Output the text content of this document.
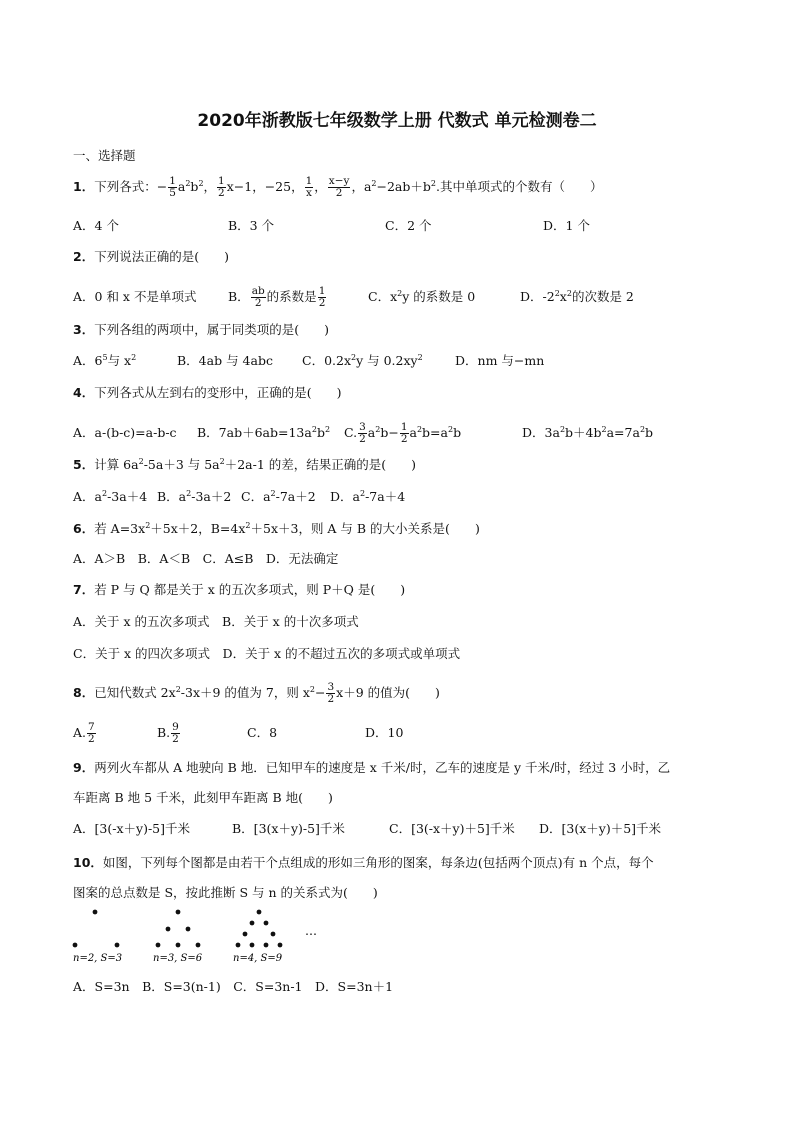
2020年浙教版七年级数学上册 代数式 单元检测卷二
一、选择题
1．下列各式：− $\frac{1}{5} a^2b^2$， $\frac{1}{2} x-1$，−25， $\frac{1}{x}$ ， $\frac{x-y}{2}$ ，$a^2-2ab+b^2$.其中单项式的个数有（　　）
A．4 个	B．3 个	C．2 个	D．1 个
2．下列说法正确的是(　　)
A．0 和 x 不是单项式	B． $\frac{ab}{2}$ 的系数是 $\frac{1}{2}$	C．$x^2y$ 的系数是 0	D．$-2^2x^2$的次数是 2
3．下列各组的两项中，属于同类项的是(　　)
A．$6^5$与 $x^2$	B．4ab 与 4abc C．$0.2x^2y$ 与 $0.2xy^2$	D．nm 与−mn
4．下列各式从左到右的变形中，正确的是(　　)
A．a-(b-c)=a-b-c B．$7ab+6ab=13a^2b^2$ C. $\frac{3}{2} a^2b- \frac{1}{2} a^2b=a^2b$	D．$3a^2b+4b^2a=7a^2b$
5．计算 $6a^2-5a+3$ 与 $5a^2+2a-1$ 的差，结果正确的是(　　)
A．$a^2-3a+4$ B．$a^2-3a+2$ C．$a^2-7a+2$ D．$a^2-7a+4$
6．若 $A=3x^2+5x+2$，$B=4x^2+5x+3$，则 A 与 B 的大小关系是(　　)
A．A＞B　B．A＜B　C．A≤B　D．无法确定
7．若 P 与 Q 都是关于 x 的五次多项式，则 P＋Q 是(　　)
A．关于 x 的五次多项式　B．关于 x 的十次多项式
C．关于 x 的四次多项式　D．关于 x 的不超过五次的多项式或单项式
8．已知代数式 $2x^2-3x+9$ 的值为 7，则 $x^2- \frac{3}{2} x+9$ 的值为(　　)
A. $\frac{7}{2}$	B. $\frac{9}{2}$	C．8	D．10
9．两列火车都从 A 地驶向 B 地．已知甲车的速度是 x 千米/时，乙车的速度是 y 千米/时，经过 3 小时，乙
车距离 B 地 5 千米，此刻甲车距离 B 地(　　)
A．[3(-x＋y)-5]千米	B．[3(x＋y)-5]千米	C．[3(-x＋y)＋5]千米 D．[3(x＋y)＋5]千米
10．如图，下列每个图都是由若干个点组成的形如三角形的图案，每条边(包括两个顶点)有 n 个点，每个
图案的总点数是 S，按此推断 S 与 n 的关系式为(　　)
…
n=2, S=3	n=3, S=6	n=4, S=9
A．S=3n　B．S=3(n-1)　C．S=3n-1　D．S=3n＋1
